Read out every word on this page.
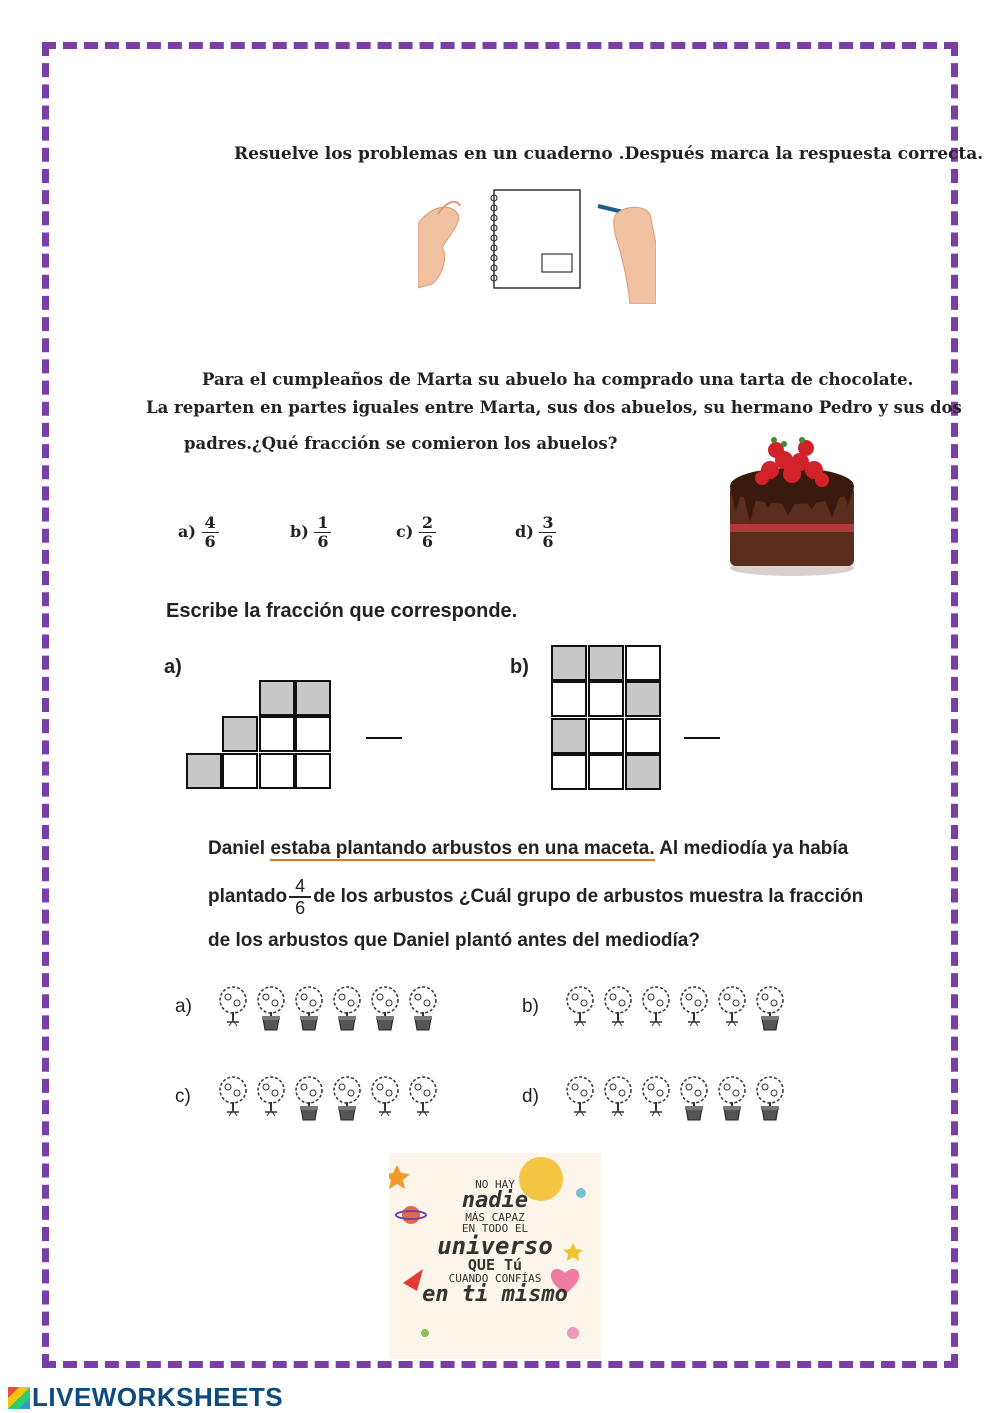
Resuelve los problemas en un cuaderno .Después marca la respuesta correcta.
Para el cumpleaños de Marta su abuelo ha comprado una tarta de chocolate.
La reparten en partes iguales entre Marta, sus dos abuelos, su hermano Pedro y sus dos
padres.¿Qué fracción se comieron los abuelos?
$a) \frac{4}{6}$	$b) \frac{1}{6}$	$c) \frac{2}{6}$	$d) \frac{3}{6}$
Escribe la fracción que corresponde.
a)	b)
Daniel estaba plantando arbustos en una maceta. Al mediodía ya había
plantado $\frac{4}{6}$ de los arbustos ¿Cuál grupo de arbustos muestra la fracción
de los arbustos que Daniel plantó antes del mediodía?
a)	b)
c)	d)
NO HAY
nadie
MÁS CAPAZ
EN TODO EL
universo
QUE Tú
CUANDO CONFÍAS
en ti mismo
LIVEWORKSHEETS
